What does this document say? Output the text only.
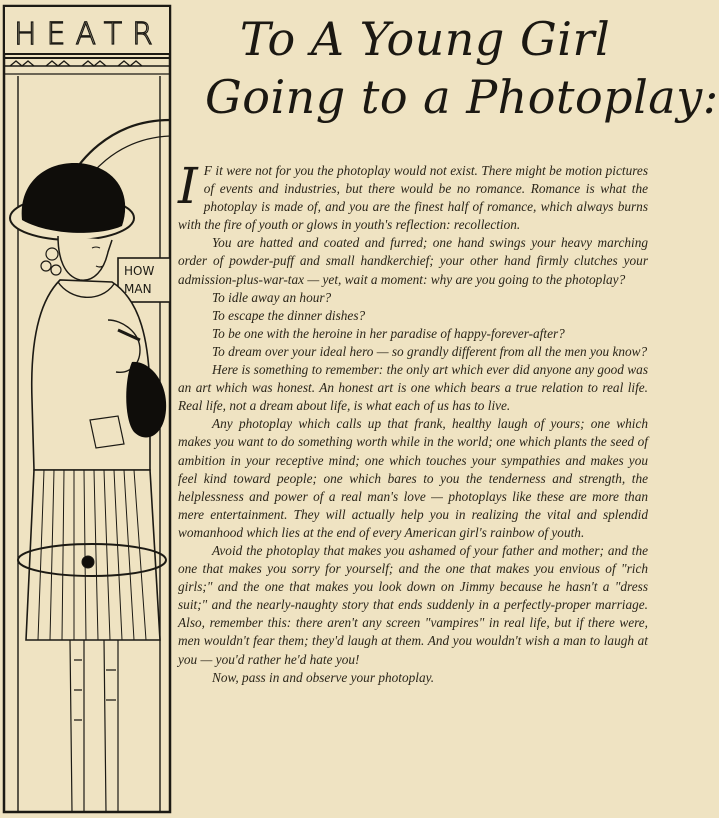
HEATR
HOW
MAN
To A Young Girl
Going to a Photoplay:

I F it were not for you the photoplay would not exist. There might be motion pictures of events and industries, but there would be no romance. Romance is what the photoplay is made of, and you are the finest half of romance, which always burns with the fire of youth or glows in youth's reflection: recollection.

You are hatted and coated and furred; one hand swings your heavy marching order of powder-puff and small handkerchief; your other hand firmly clutches your admission-plus-war-tax — yet, wait a moment: why are you going to the photoplay?

To idle away an hour?

To escape the dinner dishes?

To be one with the heroine in her paradise of happy-forever-after?

To dream over your ideal hero — so grandly different from all the men you know?

Here is something to remember: the only art which ever did anyone any good was an art which was honest. An honest art is one which bears a true relation to real life. Real life, not a dream about life, is what each of us has to live.

Any photoplay which calls up that frank, healthy laugh of yours; one which makes you want to do something worth while in the world; one which plants the seed of ambition in your receptive mind; one which touches your sympathies and makes you feel kind toward people; one which bares to you the tenderness and strength, the helplessness and power of a real man's love — photoplays like these are more than mere entertainment. They will actually help you in realizing the vital and splendid womanhood which lies at the end of every American girl's rainbow of youth.

Avoid the photoplay that makes you ashamed of your father and mother; and the one that makes you sorry for yourself; and the one that makes you envious of "rich girls;" and the one that makes you look down on Jimmy because he hasn't a "dress suit;" and the nearly-naughty story that ends suddenly in a perfectly-proper marriage. Also, remember this: there aren't any screen "vampires" in real life, but if there were, men wouldn't fear them; they'd laugh at them. And you wouldn't wish a man to laugh at you — you'd rather he'd hate you!

Now, pass in and observe your photoplay.
